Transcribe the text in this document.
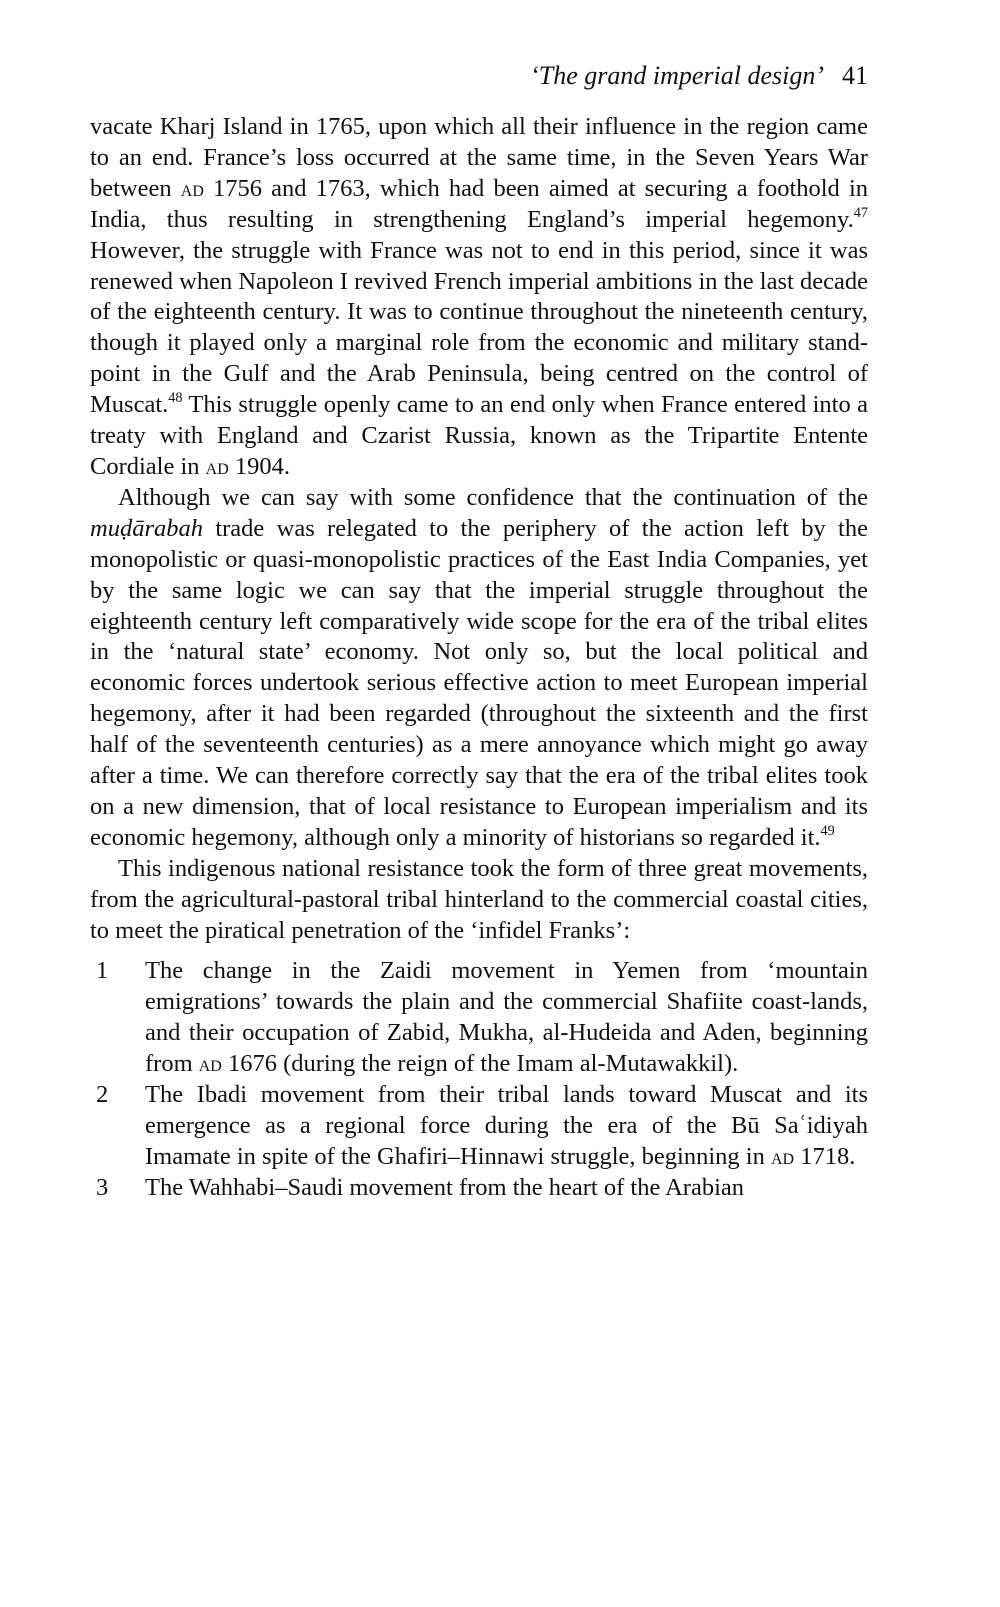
‘The grand imperial design’ 41

vacate Kharj Island in 1765, upon which all their influence in the region came to an end. France’s loss occurred at the same time, in the Seven Years War between ad 1756 and 1763, which had been aimed at securing a foothold in India, thus resulting in strengthening England’s imperial hegemony.$^{47}$ However, the struggle with France was not to end in this period, since it was renewed when Napoleon I revived French imperial ambitions in the last decade of the eighteenth century. It was to continue throughout the nineteenth century, though it played only a marginal role from the economic and military stand-point in the Gulf and the Arab Peninsula, being centred on the control of Muscat.$^{48}$ This struggle openly came to an end only when France entered into a treaty with England and Czarist Russia, known as the Tripartite Entente Cordiale in ad 1904.

Although we can say with some confidence that the continuation of the muḍārabah trade was relegated to the periphery of the action left by the monopolistic or quasi-monopolistic practices of the East India Companies, yet by the same logic we can say that the imperial struggle throughout the eighteenth century left comparatively wide scope for the era of the tribal elites in the ‘natural state’ economy. Not only so, but the local political and economic forces undertook serious effective action to meet European imperial hegemony, after it had been regarded (throughout the sixteenth and the first half of the seventeenth centuries) as a mere annoyance which might go away after a time. We can therefore correctly say that the era of the tribal elites took on a new dimension, that of local resistance to European imperialism and its economic hegemony, although only a minority of historians so regarded it.$^{49}$

This indigenous national resistance took the form of three great movements, from the agricultural-pastoral tribal hinterland to the commercial coastal cities, to meet the piratical penetration of the ‘infidel Franks’:

1 The change in the Zaidi movement in Yemen from ‘mountain emigrations’ towards the plain and the commercial Shafiite coast-lands, and their occupation of Zabid, Mukha, al-Hudeida and Aden, beginning from ad 1676 (during the reign of the Imam al-Mutawakkil).
2 The Ibadi movement from their tribal lands toward Muscat and its emergence as a regional force during the era of the Bū Saʿidiyah Imamate in spite of the Ghafiri–Hinnawi struggle, beginning in ad 1718.
3 The Wahhabi–Saudi movement from the heart of the Arabian
